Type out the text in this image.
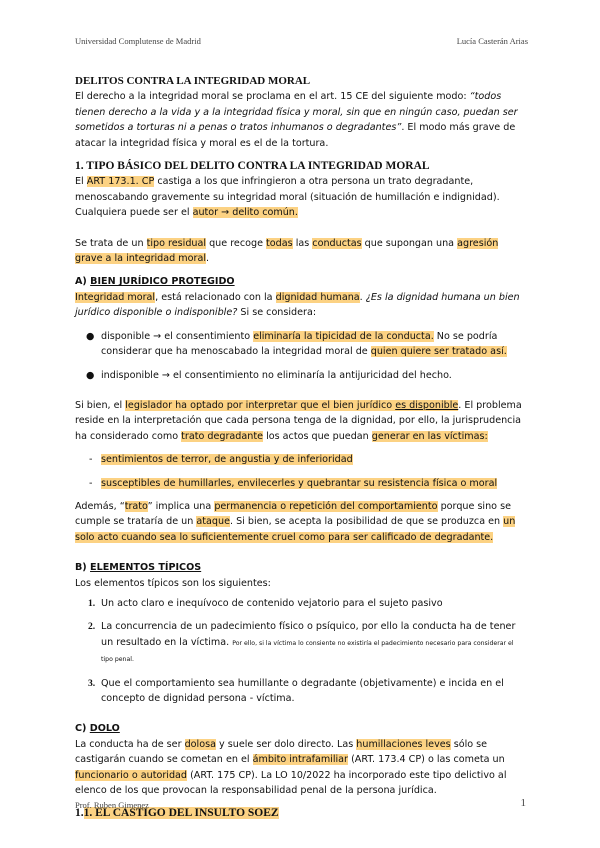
Universidad Complutense de Madrid	Lucía Casterán Arias
DELITOS CONTRA LA INTEGRIDAD MORAL

El derecho a la integridad moral se proclama en el art. 15 CE del siguiente modo: “todos tienen derecho a la vida y a la integridad física y moral, sin que en ningún caso, puedan ser sometidos a torturas ni a penas o tratos inhumanos o degradantes”. El modo más grave de atacar la integridad física y moral es el de la tortura.

1. TIPO BÁSICO DEL DELITO CONTRA LA INTEGRIDAD MORAL

El ART 173.1. CP castiga a los que infringieron a otra persona un trato degradante, menoscabando gravemente su integridad moral (situación de humillación e indignidad). Cualquiera puede ser el autor → delito común.

Se trata de un tipo residual que recoge todas las conductas que supongan una agresión grave a la integridad moral.

A) BIEN JURÍDICO PROTEGIDO

Integridad moral, está relacionado con la dignidad humana. ¿Es la dignidad humana un bien jurídico disponible o indisponible? Si se considera:

● disponible → el consentimiento eliminaría la tipicidad de la conducta. No se podría considerar que ha menoscabado la integridad moral de quien quiere ser tratado así.
● indisponible → el consentimiento no eliminaría la antijuricidad del hecho.

Si bien, el legislador ha optado por interpretar que el bien jurídico es disponible. El problema reside en la interpretación que cada persona tenga de la dignidad, por ello, la jurisprudencia ha considerado como trato degradante los actos que puedan generar en las víctimas:

- sentimientos de terror, de angustia y de inferioridad
- susceptibles de humillarles, envilecerles y quebrantar su resistencia física o moral

Además, “trato” implica una permanencia o repetición del comportamiento porque sino se cumple se trataría de un ataque. Si bien, se acepta la posibilidad de que se produzca en un solo acto cuando sea lo suficientemente cruel como para ser calificado de degradante.

B) ELEMENTOS TÍPICOS

Los elementos típicos son los siguientes:

1. Un acto claro e inequívoco de contenido vejatorio para el sujeto pasivo
2. La concurrencia de un padecimiento físico o psíquico, por ello la conducta ha de tener un resultado en la víctima. Por ello, si la víctima lo consiente no existiría el padecimiento necesario para considerar el tipo penal.
3. Que el comportamiento sea humillante o degradante (objetivamente) e incida en el concepto de dignidad persona - víctima.
C) DOLO

La conducta ha de ser dolosa y suele ser dolo directo. Las humillaciones leves sólo se castigarán cuando se cometan en el ámbito intrafamiliar (ART. 173.4 CP) o las cometa un funcionario o autoridad (ART. 175 CP). La LO 10/2022 ha incorporado este tipo delictivo al elenco de los que provocan la responsabilidad penal de la persona jurídica.

1.1. EL CASTIGO DEL INSULTO SOEZ
Prof. Ruben Gimenez	1
